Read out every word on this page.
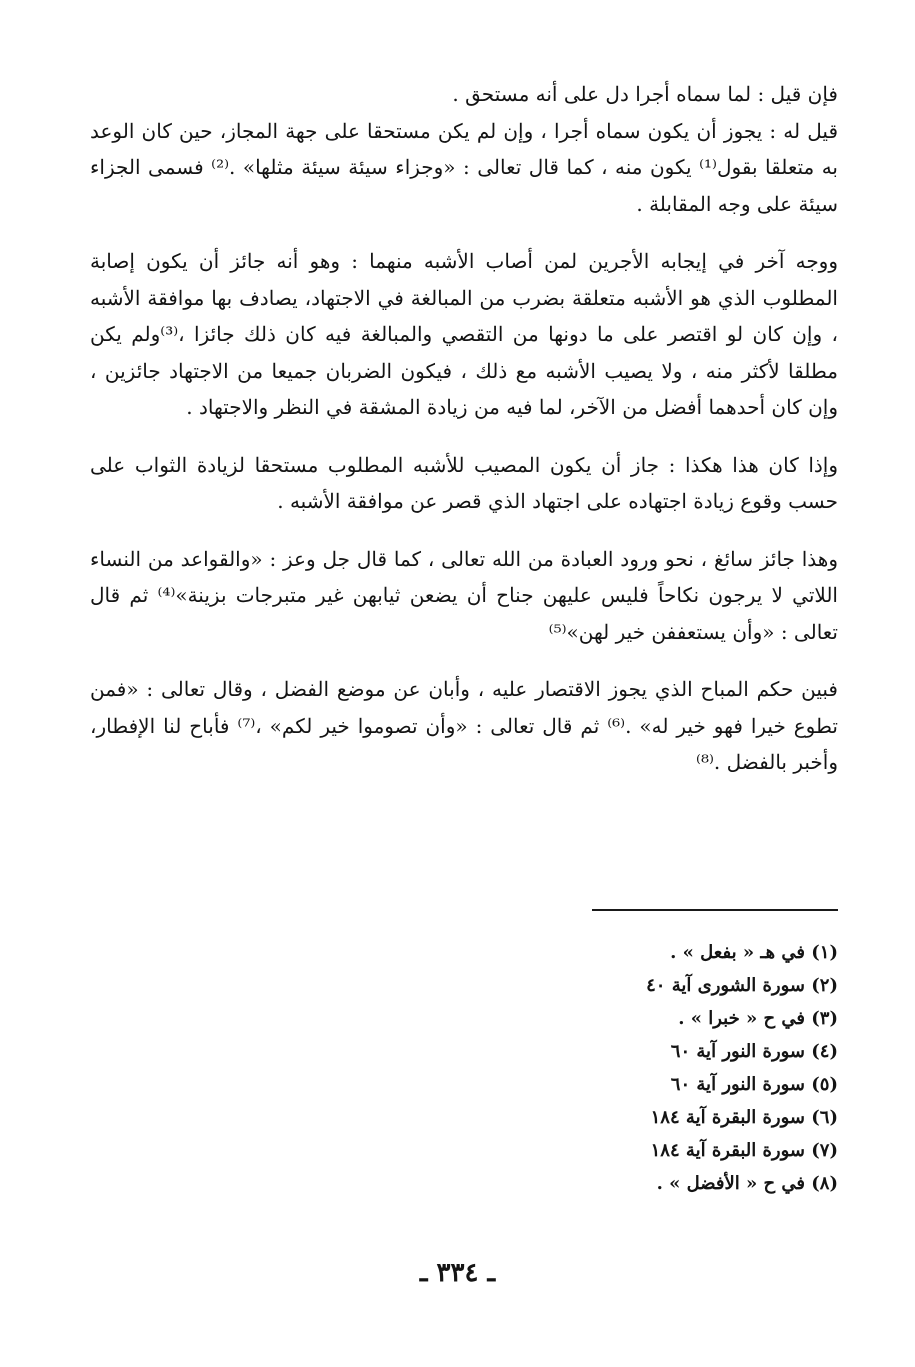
فإن قيل : لما سماه أجرا دل على أنه مستحق .

قيل له : يجوز أن يكون سماه أجرا ، وإن لم يكن مستحقا على جهة المجاز، حين كان الوعد به متعلقا بقول⁽¹⁾ يكون منه ، كما قال تعالى : «وجزاء سيئة سيئة مثلها» .⁽²⁾ فسمى الجزاء سيئة على وجه المقابلة .

ووجه آخر في إيجابه الأجرين لمن أصاب الأشبه منهما : وهو أنه جائز أن يكون إصابة المطلوب الذي هو الأشبه متعلقة بضرب من المبالغة في الاجتهاد، يصادف بها موافقة الأشبه ، وإن كان لو اقتصر على ما دونها من التقصي والمبالغة فيه كان ذلك جائزا ،⁽³⁾ولم يكن مطلقا لأكثر منه ، ولا يصيب الأشبه مع ذلك ، فيكون الضربان جميعا من الاجتهاد جائزين ، وإن كان أحدهما أفضل من الآخر، لما فيه من زيادة المشقة في النظر والاجتهاد .

وإذا كان هذا هكذا : جاز أن يكون المصيب للأشبه المطلوب مستحقا لزيادة الثواب على حسب وقوع زيادة اجتهاده على اجتهاد الذي قصر عن موافقة الأشبه .

وهذا جائز سائغ ، نحو ورود العبادة من الله تعالى ، كما قال جل وعز : «والقواعد من النساء اللاتي لا يرجون نكاحاً فليس عليهن جناح أن يضعن ثيابهن غير متبرجات بزينة»⁽⁴⁾ ثم قال تعالى : «وأن يستعففن خير لهن»⁽⁵⁾

فبين حكم المباح الذي يجوز الاقتصار عليه ، وأبان عن موضع الفضل ، وقال تعالى : «فمن تطوع خيرا فهو خير له» .⁽⁶⁾ ثم قال تعالى : «وأن تصوموا خير لكم» ،⁽⁷⁾ فأباح لنا الإفطار، وأخبر بالفضل .⁽⁸⁾

(١) في هـ « بفعل » .

(٢) سورة الشورى آية ٤٠

(٣) في ح « خبرا » .

(٤) سورة النور آية ٦٠

(٥) سورة النور آية ٦٠

(٦) سورة البقرة آية ١٨٤

(٧) سورة البقرة آية ١٨٤

(٨) في ح « الأفضل » .

ـ ٣٣٤ ـ
